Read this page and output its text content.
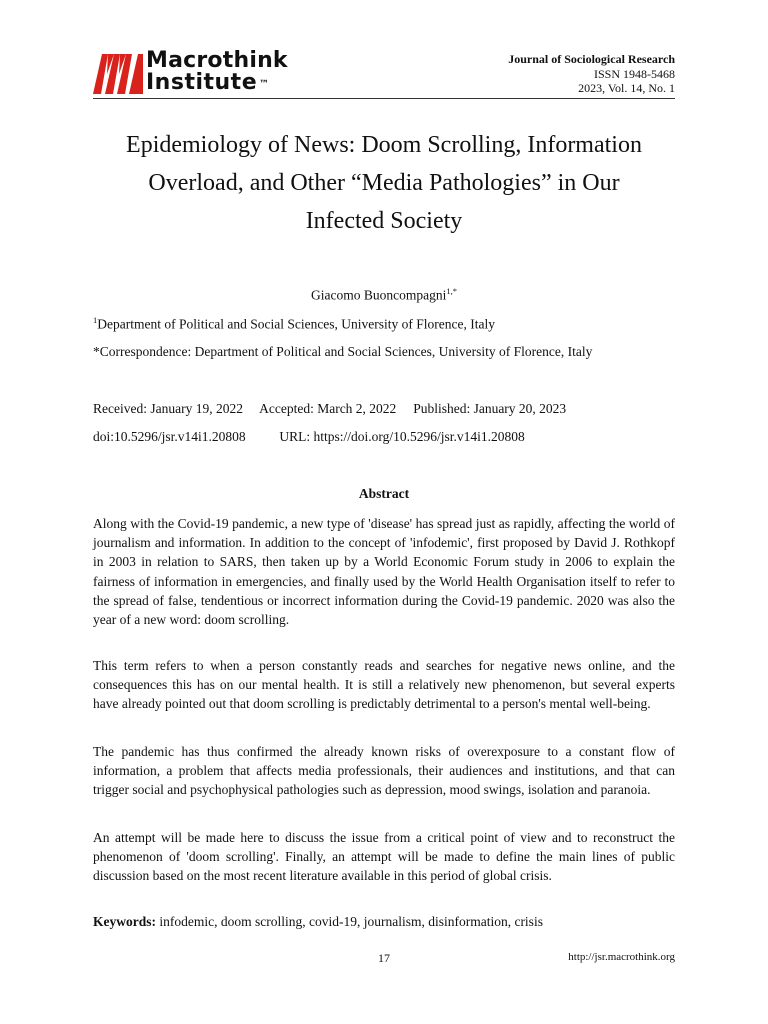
Macrothink
Institute ™
Journal of Sociological Research
ISSN 1948-5468
2023, Vol. 14, No. 1
Epidemiology of News: Doom Scrolling, Information
Overload, and Other “Media Pathologies” in Our
Infected Society
Giacomo Buoncompagni$^{1,*}$
$^1$Department of Political and Social Sciences, University of Florence, Italy
*Correspondence: Department of Political and Social Sciences, University of Florence, Italy
Received: January 19, 2022 Accepted: March 2, 2022 Published: January 20, 2023
doi:10.5296/jsr.v14i1.20808	URL: https://doi.org/10.5296/jsr.v14i1.20808
Abstract

Along with the Covid-19 pandemic, a new type of 'disease' has spread just as rapidly, affecting the world of journalism and information. In addition to the concept of 'infodemic', first proposed by David J. Rothkopf in 2003 in relation to SARS, then taken up by a World Economic Forum study in 2006 to explain the fairness of information in emergencies, and finally used by the World Health Organisation itself to refer to the spread of false, tendentious or incorrect information during the Covid-19 pandemic. 2020 was also the year of a new word: doom scrolling.

This term refers to when a person constantly reads and searches for negative news online, and the consequences this has on our mental health. It is still a relatively new phenomenon, but several experts have already pointed out that doom scrolling is predictably detrimental to a person's mental well-being.

The pandemic has thus confirmed the already known risks of overexposure to a constant flow of information, a problem that affects media professionals, their audiences and institutions, and that can trigger social and psychophysical pathologies such as depression, mood swings, isolation and paranoia.

An attempt will be made here to discuss the issue from a critical point of view and to reconstruct the phenomenon of 'doom scrolling'. Finally, an attempt will be made to define the main lines of public discussion based on the most recent literature available in this period of global crisis.

Keywords: infodemic, doom scrolling, covid-19, journalism, disinformation, crisis
17	http://jsr.macrothink.org
